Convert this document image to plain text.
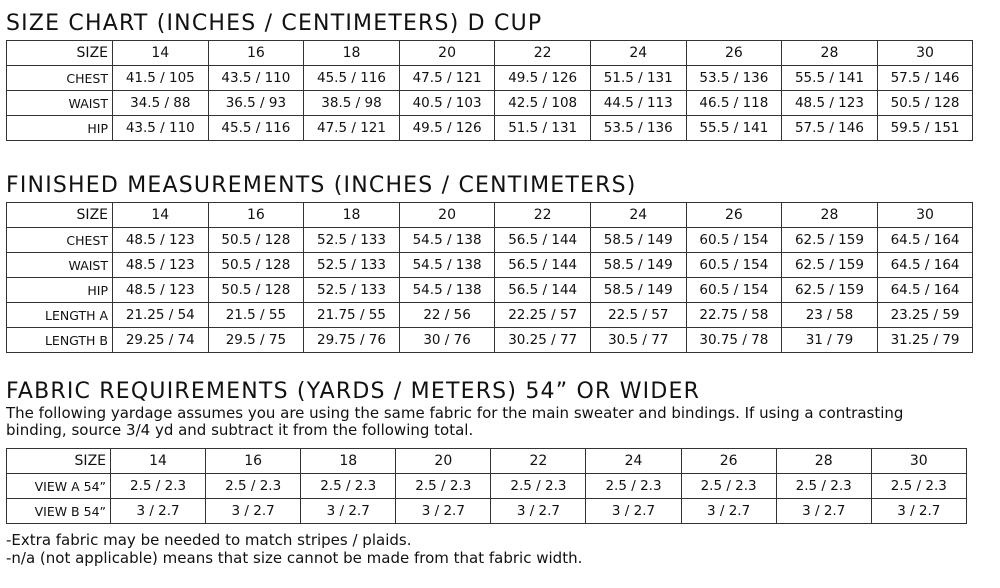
SIZE CHART (INCHES / CENTIMETERS) D CUP
SIZE	14	16	18	20	22	24	26	28	30
CHEST	41.5 / 105	43.5 / 110	45.5 / 116	47.5 / 121	49.5 / 126	51.5 / 131	53.5 / 136	55.5 / 141	57.5 / 146
WAIST	34.5 / 88	36.5 / 93	38.5 / 98	40.5 / 103	42.5 / 108	44.5 / 113	46.5 / 118	48.5 / 123	50.5 / 128
HIP	43.5 / 110	45.5 / 116	47.5 / 121	49.5 / 126	51.5 / 131	53.5 / 136	55.5 / 141	57.5 / 146	59.5 / 151
FINISHED MEASUREMENTS (INCHES / CENTIMETERS)
SIZE	14	16	18	20	22	24	26	28	30
CHEST	48.5 / 123	50.5 / 128	52.5 / 133	54.5 / 138	56.5 / 144	58.5 / 149	60.5 / 154	62.5 / 159	64.5 / 164
WAIST	48.5 / 123	50.5 / 128	52.5 / 133	54.5 / 138	56.5 / 144	58.5 / 149	60.5 / 154	62.5 / 159	64.5 / 164
HIP	48.5 / 123	50.5 / 128	52.5 / 133	54.5 / 138	56.5 / 144	58.5 / 149	60.5 / 154	62.5 / 159	64.5 / 164
LENGTH A	21.25 / 54	21.5 / 55	21.75 / 55	22 / 56	22.25 / 57	22.5 / 57	22.75 / 58	23 / 58	23.25 / 59
LENGTH B	29.25 / 74	29.5 / 75	29.75 / 76	30 / 76	30.25 / 77	30.5 / 77	30.75 / 78	31 / 79	31.25 / 79
FABRIC REQUIREMENTS (YARDS / METERS) 54” OR WIDER

The following yardage assumes you are using the same fabric for the main sweater and bindings. If using a contrasting binding, source 3/4 yd and subtract it from the following total.

SIZE	14	16	18	20	22	24	26	28	30
VIEW A 54”	2.5 / 2.3	2.5 / 2.3	2.5 / 2.3	2.5 / 2.3	2.5 / 2.3	2.5 / 2.3	2.5 / 2.3	2.5 / 2.3	2.5 / 2.3
VIEW B 54”	3 / 2.7	3 / 2.7	3 / 2.7	3 / 2.7	3 / 2.7	3 / 2.7	3 / 2.7	3 / 2.7	3 / 2.7
-Extra fabric may be needed to match stripes / plaids.
-n/a (not applicable) means that size cannot be made from that fabric width.
